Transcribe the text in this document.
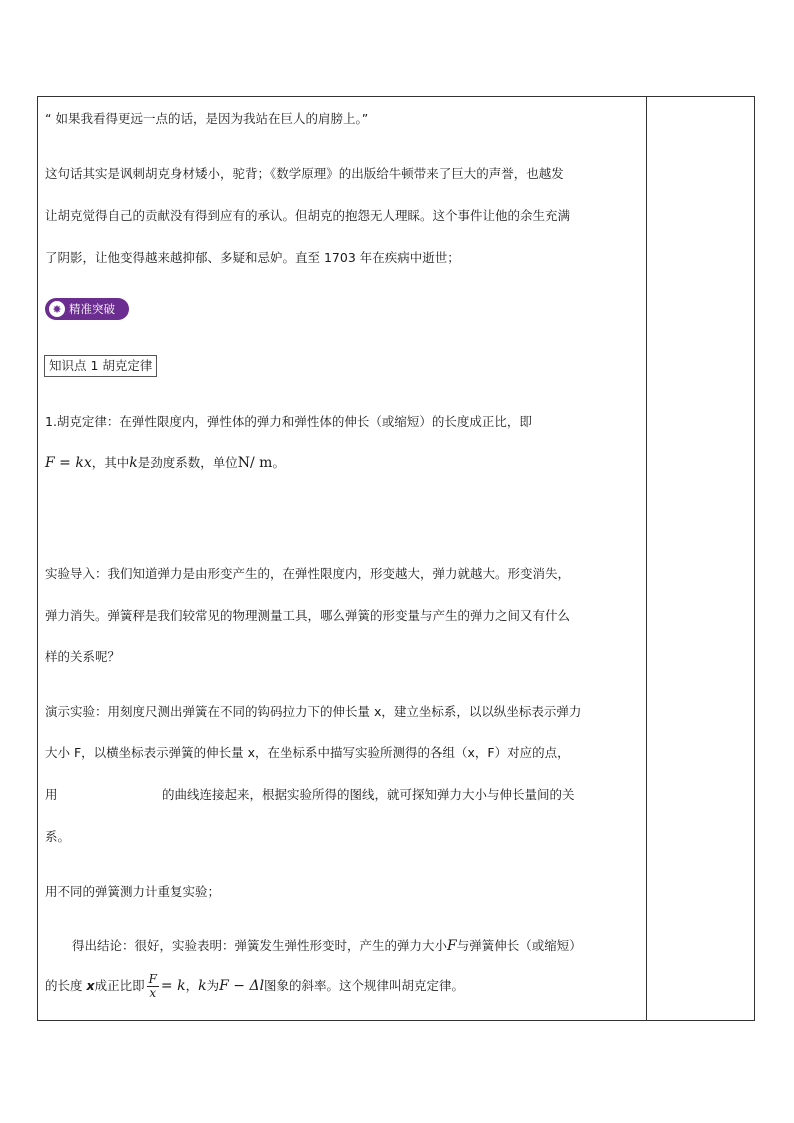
“ 如果我看得更远一点的话，是因为我站在巨人的肩膀上。”
这句话其实是讽刺胡克身材矮小，驼背；《数学原理》的出版给牛顿带来了巨大的声誉，也越发
让胡克觉得自己的贡献没有得到应有的承认。但胡克的抱怨无人理睬。这个事件让他的余生充满
了阴影，让他变得越来越抑郁、多疑和忌妒。直至 1703 年在疾病中逝世；
✸ 精准突破
知识点 1 胡克定律
1.胡克定律：在弹性限度内，弹性体的弹力和弹性体的伸长（或缩短）的长度成正比，即
F = kx，其中k是劲度系数，单位N/ m。
实验导入：我们知道弹力是由形变产生的，在弹性限度内，形变越大，弹力就越大。形变消失，
弹力消失。弹簧秤是我们较常见的物理测量工具，哪么弹簧的形变量与产生的弹力之间又有什么
样的关系呢？
演示实验：用刻度尺测出弹簧在不同的钩码拉力下的伸长量 x，建立坐标系，以以纵坐标表示弹力
大小 F，以横坐标表示弹簧的伸长量 x，在坐标系中描写实验所测得的各组（x，F）对应的点，
用	的曲线连接起来，根据实验所得的图线，就可探知弹力大小与伸长量间的关
系。
用不同的弹簧测力计重复实验；
得出结论：很好，实验表明：弹簧发生弹性形变时，产生的弹力大小F与弹簧伸长（或缩短）
的长度 x成正比即 $\frac{F}{x} = k$，k为F − Δl图象的斜率。这个规律叫胡克定律。
